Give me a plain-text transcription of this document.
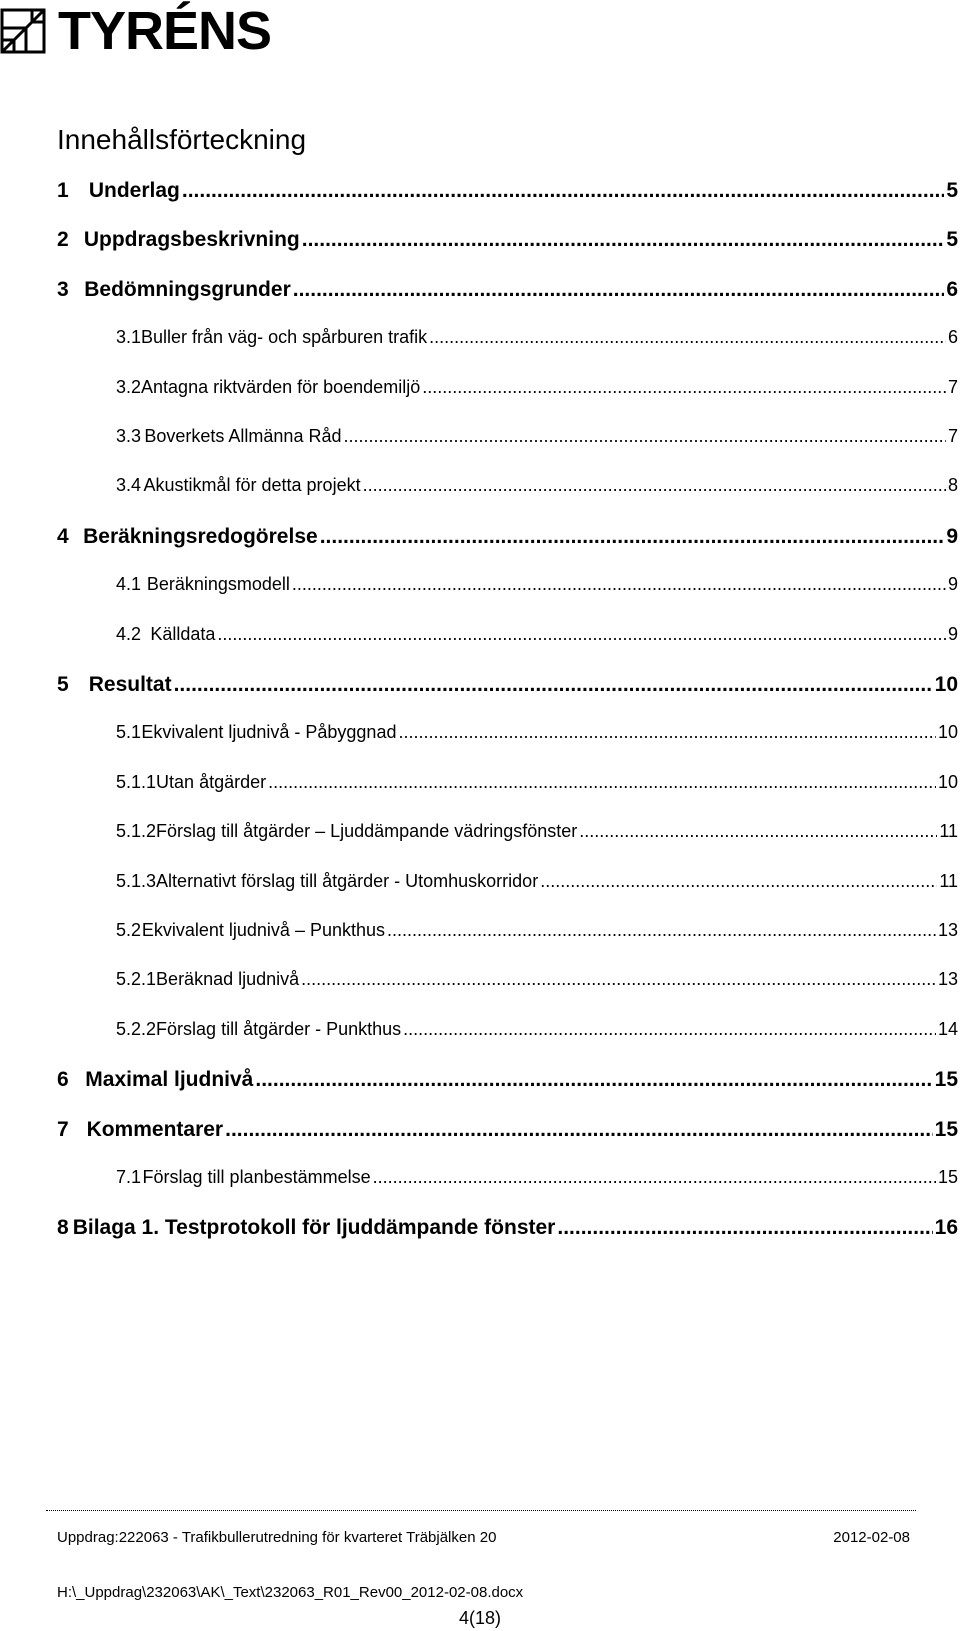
TYRÉNS
Innehållsförteckning
1 Underlag .....	5
2 Uppdragsbeskrivning .....	5
3 Bedömningsgrunder .....	6
3.1 Buller från väg- och spårburen trafik .....	6
3.2 Antagna riktvärden för boendemiljö .....	7
3.3 Boverkets Allmänna Råd .....	7
3.4 Akustikmål för detta projekt .....	8
4 Beräkningsredogörelse .....	9
4.1 Beräkningsmodell .....	9
4.2 Källdata .....	9
5 Resultat .....	10
5.1 Ekvivalent ljudnivå - Påbyggnad .....	10
5.1.1 Utan åtgärder .....	10
5.1.2 Förslag till åtgärder – Ljuddämpande vädringsfönster .....	11
5.1.3 Alternativt förslag till åtgärder - Utomhuskorridor .....	11
5.2 Ekvivalent ljudnivå – Punkthus .....	13
5.2.1 Beräknad ljudnivå .....	13
5.2.2 Förslag till åtgärder - Punkthus .....	14
6 Maximal ljudnivå .....	15
7 Kommentarer .....	15
7.1 Förslag till planbestämmelse .....	15
8 Bilaga 1. Testprotokoll för ljuddämpande fönster .....	16
Uppdrag:222063 - Trafikbullerutredning för kvarteret Träbjälken 20	2012-02-08
H:\_Uppdrag\232063\AK\_Text\232063_R01_Rev00_2012-02-08.docx
4(18)
